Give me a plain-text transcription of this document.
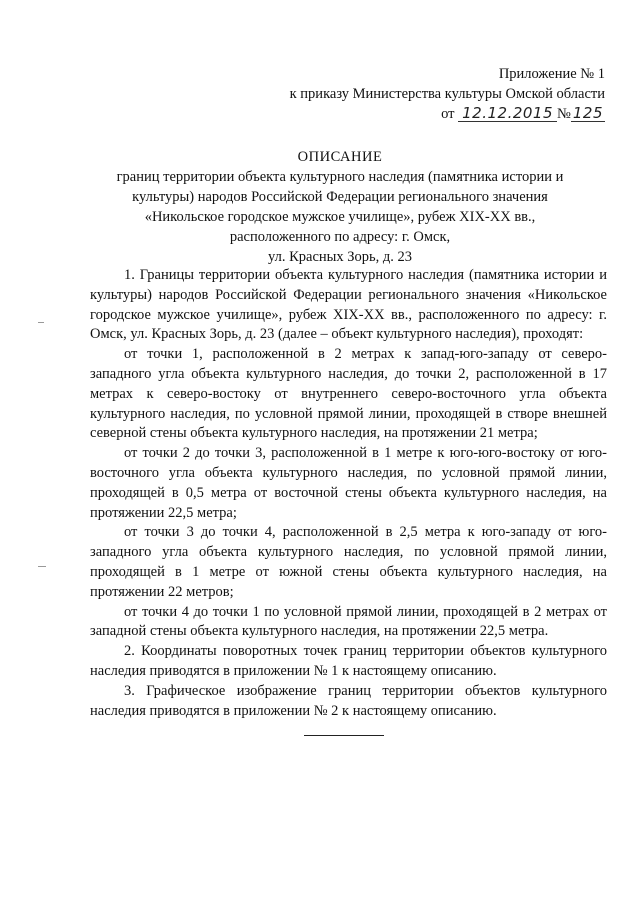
Приложение № 1
к приказу Министерства культуры Омской области
от 12.12.2015 № 125
ОПИСАНИЕ
границ территории объекта культурного наследия (памятника истории и
культуры) народов Российской Федерации регионального значения
«Никольское городское мужское училище», рубеж XIX-XX вв.,
расположенного по адресу: г. Омск,
ул. Красных Зорь, д. 23

1. Границы территории объекта культурного наследия (памятника истории и культуры) народов Российской Федерации регионального значения «Никольское городское мужское училище», рубеж XIX-XX вв., расположенного по адресу: г. Омск, ул. Красных Зорь, д. 23 (далее – объект культурного наследия), проходят:

от точки 1, расположенной в 2 метрах к запад-юго-западу от северо-западного угла объекта культурного наследия, до точки 2, расположенной в 17 метрах к северо-востоку от внутреннего северо-восточного угла объекта культурного наследия, по условной прямой линии, проходящей в створе внешней северной стены объекта культурного наследия, на протяжении 21 метра;

от точки 2 до точки 3, расположенной в 1 метре к юго-юго-востоку от юго-восточного угла объекта культурного наследия, по условной прямой линии, проходящей в 0,5 метра от восточной стены объекта культурного наследия, на протяжении 22,5 метра;

от точки 3 до точки 4, расположенной в 2,5 метра к юго-западу от юго-западного угла объекта культурного наследия, по условной прямой линии, проходящей в 1 метре от южной стены объекта культурного наследия, на протяжении 22 метров;

от точки 4 до точки 1 по условной прямой линии, проходящей в 2 метрах от западной стены объекта культурного наследия, на протяжении 22,5 метра.

2. Координаты поворотных точек границ территории объектов культурного наследия приводятся в приложении № 1 к настоящему описанию.

3. Графическое изображение границ территории объектов культурного наследия приводятся в приложении № 2 к настоящему описанию.
